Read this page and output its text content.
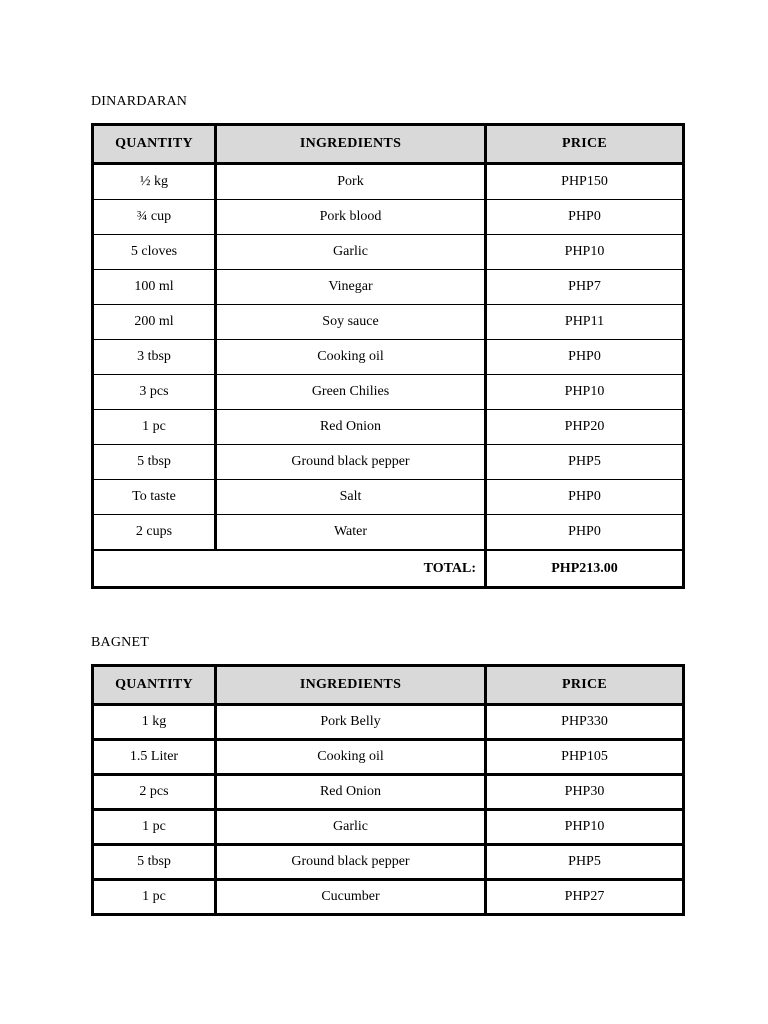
DINARDARAN
QUANTITY	INGREDIENTS	PRICE
½ kg	Pork	PHP150
¾ cup	Pork blood	PHP0
5 cloves	Garlic	PHP10
100 ml	Vinegar	PHP7
200 ml	Soy sauce	PHP11
3 tbsp	Cooking oil	PHP0
3 pcs	Green Chilies	PHP10
1 pc	Red Onion	PHP20
5 tbsp	Ground black pepper	PHP5
To taste	Salt	PHP0
2 cups	Water	PHP0
TOTAL:		PHP213.00
BAGNET
QUANTITY	INGREDIENTS	PRICE
1 kg	Pork Belly	PHP330
1.5 Liter	Cooking oil	PHP105
2 pcs	Red Onion	PHP30
1 pc	Garlic	PHP10
5 tbsp	Ground black pepper	PHP5
1 pc	Cucumber	PHP27
